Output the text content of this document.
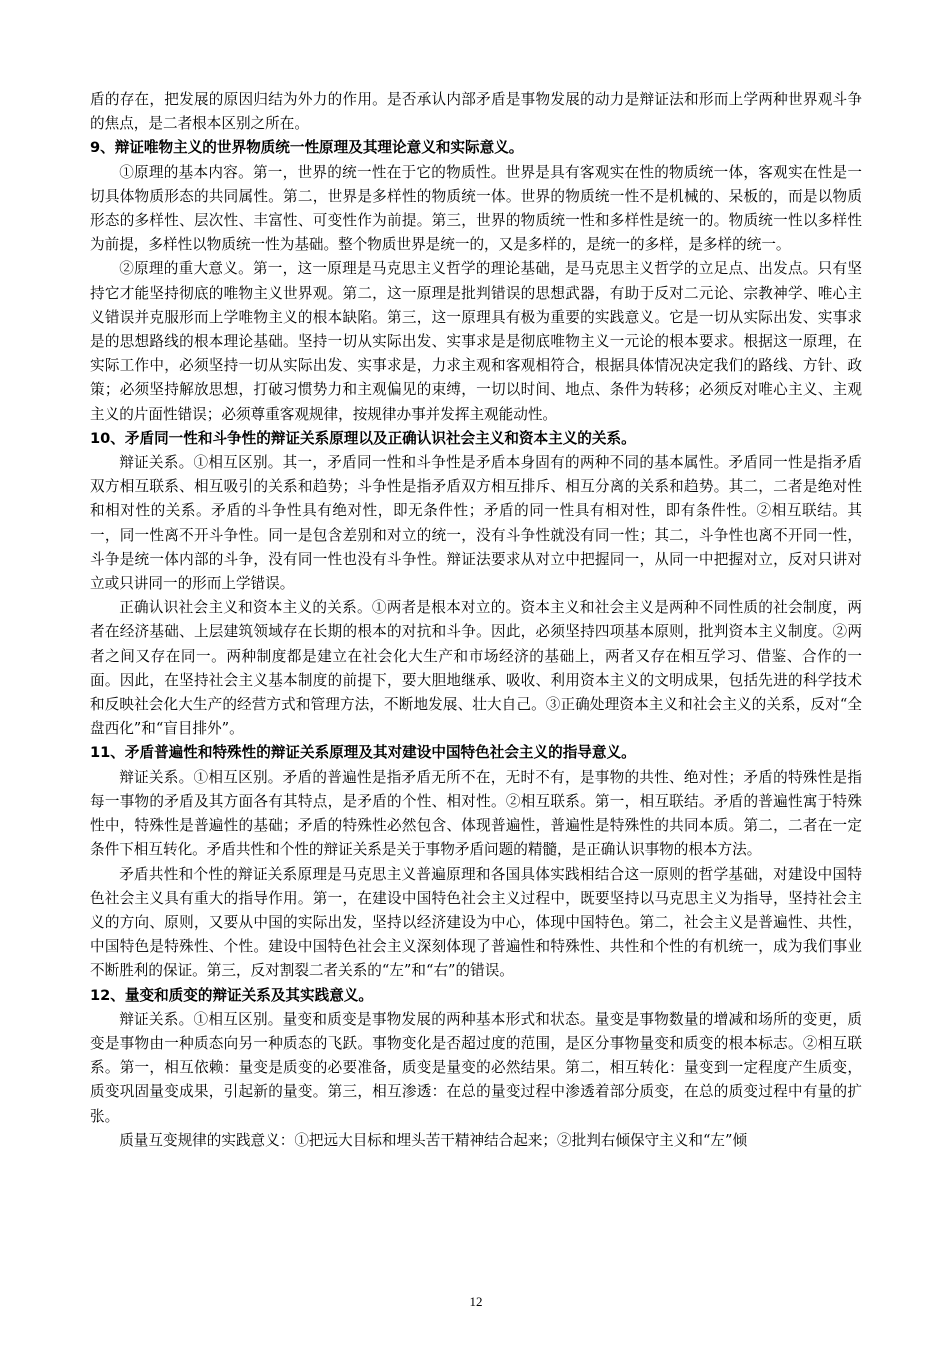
盾的存在，把发展的原因归结为外力的作用。是否承认内部矛盾是事物发展的动力是辩证法和形而上学两种世界观斗争的焦点，是二者根本区别之所在。

9、辩证唯物主义的世界物质统一性原理及其理论意义和实际意义。

①原理的基本内容。第一，世界的统一性在于它的物质性。世界是具有客观实在性的物质统一体，客观实在性是一切具体物质形态的共同属性。第二，世界是多样性的物质统一体。世界的物质统一性不是机械的、呆板的，而是以物质形态的多样性、层次性、丰富性、可变性作为前提。第三，世界的物质统一性和多样性是统一的。物质统一性以多样性为前提，多样性以物质统一性为基础。整个物质世界是统一的，又是多样的，是统一的多样，是多样的统一。

②原理的重大意义。第一，这一原理是马克思主义哲学的理论基础，是马克思主义哲学的立足点、出发点。只有坚持它才能坚持彻底的唯物主义世界观。第二，这一原理是批判错误的思想武器，有助于反对二元论、宗教神学、唯心主义错误并克服形而上学唯物主义的根本缺陷。第三，这一原理具有极为重要的实践意义。它是一切从实际出发、实事求是的思想路线的根本理论基础。坚持一切从实际出发、实事求是是彻底唯物主义一元论的根本要求。根据这一原理，在实际工作中，必须坚持一切从实际出发、实事求是，力求主观和客观相符合，根据具体情况决定我们的路线、方针、政策；必须坚持解放思想，打破习惯势力和主观偏见的束缚，一切以时间、地点、条件为转移；必须反对唯心主义、主观主义的片面性错误；必须尊重客观规律，按规律办事并发挥主观能动性。

10、矛盾同一性和斗争性的辩证关系原理以及正确认识社会主义和资本主义的关系。

辩证关系。①相互区别。其一，矛盾同一性和斗争性是矛盾本身固有的两种不同的基本属性。矛盾同一性是指矛盾双方相互联系、相互吸引的关系和趋势；斗争性是指矛盾双方相互排斥、相互分离的关系和趋势。其二，二者是绝对性和相对性的关系。矛盾的斗争性具有绝对性，即无条件性；矛盾的同一性具有相对性，即有条件性。②相互联结。其一，同一性离不开斗争性。同一是包含差别和对立的统一，没有斗争性就没有同一性；其二，斗争性也离不开同一性，斗争是统一体内部的斗争，没有同一性也没有斗争性。辩证法要求从对立中把握同一，从同一中把握对立，反对只讲对立或只讲同一的形而上学错误。

正确认识社会主义和资本主义的关系。①两者是根本对立的。资本主义和社会主义是两种不同性质的社会制度，两者在经济基础、上层建筑领域存在长期的根本的对抗和斗争。因此，必须坚持四项基本原则，批判资本主义制度。②两者之间又存在同一。两种制度都是建立在社会化大生产和市场经济的基础上，两者又存在相互学习、借鉴、合作的一面。因此，在坚持社会主义基本制度的前提下，要大胆地继承、吸收、利用资本主义的文明成果，包括先进的科学技术和反映社会化大生产的经营方式和管理方法，不断地发展、壮大自己。③正确处理资本主义和社会主义的关系，反对“全盘西化”和“盲目排外”。

11、矛盾普遍性和特殊性的辩证关系原理及其对建设中国特色社会主义的指导意义。

辩证关系。①相互区别。矛盾的普遍性是指矛盾无所不在，无时不有，是事物的共性、绝对性；矛盾的特殊性是指每一事物的矛盾及其方面各有其特点，是矛盾的个性、相对性。②相互联系。第一，相互联结。矛盾的普遍性寓于特殊性中，特殊性是普遍性的基础；矛盾的特殊性必然包含、体现普遍性，普遍性是特殊性的共同本质。第二，二者在一定条件下相互转化。矛盾共性和个性的辩证关系是关于事物矛盾问题的精髓，是正确认识事物的根本方法。

矛盾共性和个性的辩证关系原理是马克思主义普遍原理和各国具体实践相结合这一原则的哲学基础，对建设中国特色社会主义具有重大的指导作用。第一，在建设中国特色社会主义过程中，既要坚持以马克思主义为指导，坚持社会主义的方向、原则，又要从中国的实际出发，坚持以经济建设为中心，体现中国特色。第二，社会主义是普遍性、共性，中国特色是特殊性、个性。建设中国特色社会主义深刻体现了普遍性和特殊性、共性和个性的有机统一，成为我们事业不断胜利的保证。第三，反对割裂二者关系的“左”和“右”的错误。

12、量变和质变的辩证关系及其实践意义。

辩证关系。①相互区别。量变和质变是事物发展的两种基本形式和状态。量变是事物数量的增减和场所的变更，质变是事物由一种质态向另一种质态的飞跃。事物变化是否超过度的范围，是区分事物量变和质变的根本标志。②相互联系。第一，相互依赖：量变是质变的必要准备，质变是量变的必然结果。第二，相互转化：量变到一定程度产生质变，质变巩固量变成果，引起新的量变。第三，相互渗透：在总的量变过程中渗透着部分质变，在总的质变过程中有量的扩张。

质量互变规律的实践意义：①把远大目标和埋头苦干精神结合起来；②批判右倾保守主义和“左”倾

12
